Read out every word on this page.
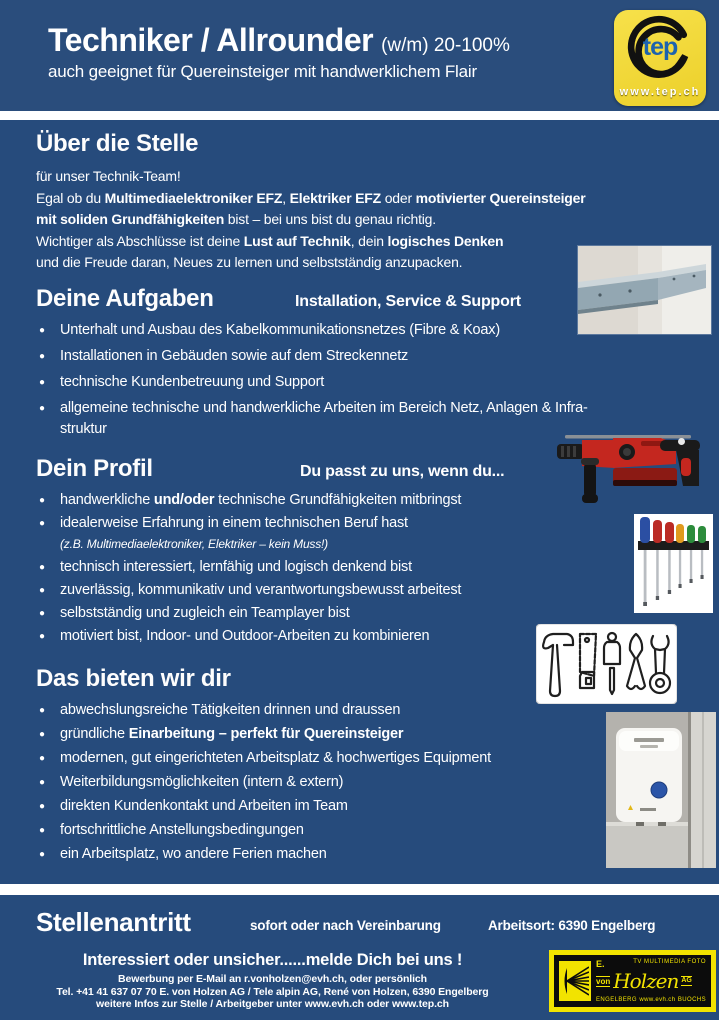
Techniker / Allrounder (w/m) 20-100%
auch geeignet für Quereinsteiger mit handwerklichem Flair
tep
www.tep.ch
Über die Stelle
für unser Technik-Team!
Egal ob du Multimediaelektroniker EFZ, Elektriker EFZ oder motivierter Quereinsteiger
mit soliden Grundfähigkeiten bist – bei uns bist du genau richtig.
Wichtiger als Abschlüsse ist deine Lust auf Technik, dein logisches Denken
und die Freude daran, Neues zu lernen und selbstständig anzupacken.
Deine Aufgaben	Installation, Service & Support
●	Unterhalt und Ausbau des Kabelkommunikationsnetzes (Fibre & Koax)
●	Installationen in Gebäuden sowie auf dem Streckennetz
●	technische Kundenbetreuung und Support
●	allgemeine technische und handwerkliche Arbeiten im Bereich Netz, Anlagen & Infra-
struktur
Dein Profil	Du passt zu uns, wenn du...
●	handwerkliche und/oder technische Grundfähigkeiten mitbringst
●	idealerweise Erfahrung in einem technischen Beruf hast
(z.B. Multimediaelektroniker, Elektriker – kein Muss!)
●	technisch interessiert, lernfähig und logisch denkend bist
●	zuverlässig, kommunikativ und verantwortungsbewusst arbeitest
●	selbstständig und zugleich ein Teamplayer bist
●	motiviert bist, Indoor- und Outdoor-Arbeiten zu kombinieren
Das bieten wir dir
●	abwechslungsreiche Tätigkeiten drinnen und draussen
●	gründliche Einarbeitung – perfekt für Quereinsteiger
●	modernen, gut eingerichteten Arbeitsplatz & hochwertiges Equipment
●	Weiterbildungsmöglichkeiten (intern & extern)
●	direkten Kundenkontakt und Arbeiten im Team
●	fortschrittliche Anstellungsbedingungen
●	ein Arbeitsplatz, wo andere Ferien machen
Stellenantritt	sofort oder nach Vereinbarung	Arbeitsort: 6390 Engelberg
Interessiert oder unsicher......melde Dich bei uns !
Bewerbung per E-Mail an r.vonholzen@evh.ch, oder persönlich
Tel. +41 41 637 07 70 E. von Holzen AG / Tele alpin AG, René von Holzen, 6390 Engelberg
weitere Infos zur Stelle / Arbeitgeber unter www.evh.ch oder www.tep.ch
E.	TV MULTIMEDIA FOTO
von Holzen AG
ENGELBERG www.evh.ch BUOCHS
